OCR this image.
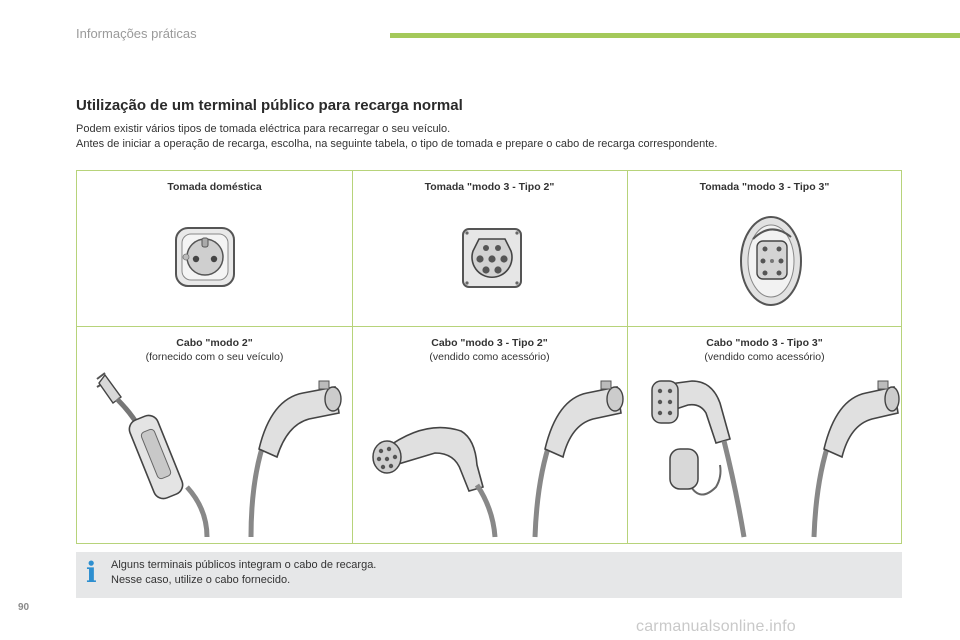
Informações práticas
Utilização de um terminal público para recarga normal
Podem existir vários tipos de tomada eléctrica para recarregar o seu veículo.
Antes de iniciar a operação de recarga, escolha, na seguinte tabela, o tipo de tomada e prepare o cabo de recarga correspondente.
Tomada doméstica	Tomada "modo 3 - Tipo 2"	Tomada "modo 3 - Tipo 3"
Cabo "modo 2"
(fornecido com o seu veículo)
Cabo "modo 3 - Tipo 2"
(vendido como acessório)
Cabo "modo 3 - Tipo 3"
(vendido como acessório)
i Alguns terminais públicos integram o cabo de recarga.
Nesse caso, utilize o cabo fornecido.
90
carmanualsonline.info
